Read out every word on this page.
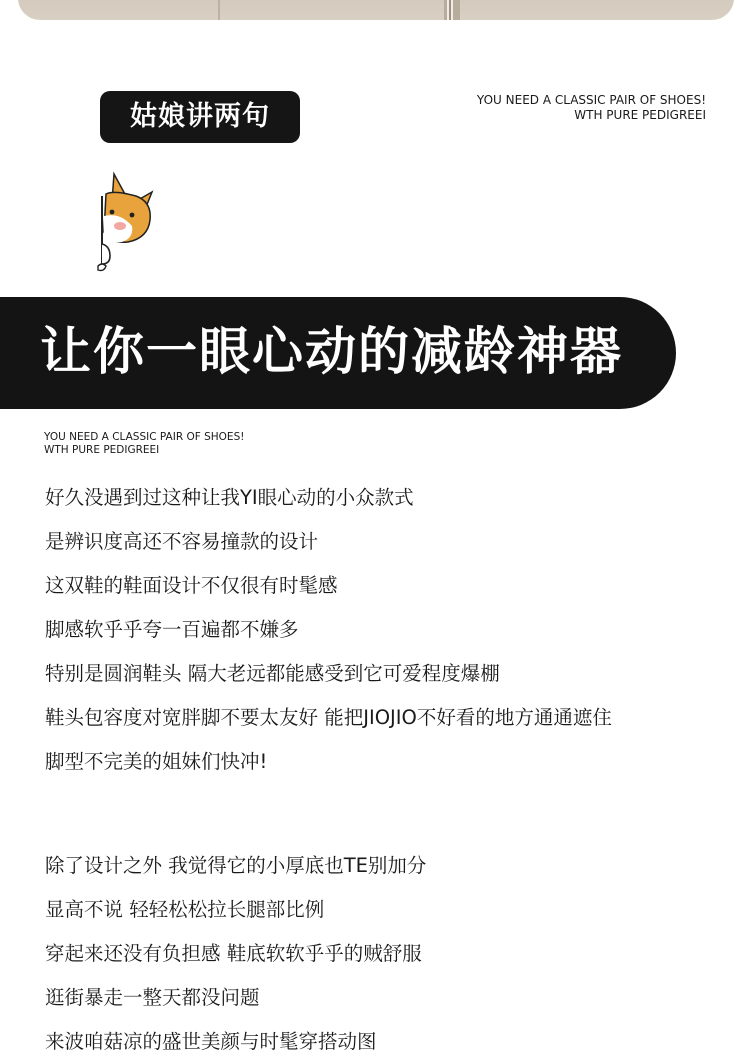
姑娘讲两句
YOU NEED A CLASSIC PAIR OF SHOES!
WTH PURE PEDIGREEI
让你一眼心动的减龄神器
YOU NEED A CLASSIC PAIR OF SHOES!
WTH PURE PEDIGREEI
好久没遇到过这种让我YI眼心动的小众款式
是辨识度高还不容易撞款的设计
这双鞋的鞋面设计不仅很有时髦感
脚感软乎乎夸一百遍都不嫌多
特别是圆润鞋头 隔大老远都能感受到它可爱程度爆棚
鞋头包容度对宽胖脚不要太友好 能把JIOJIO不好看的地方通通遮住
脚型不完美的姐妹们快冲!
除了设计之外 我觉得它的小厚底也TE别加分
显高不说 轻轻松松拉长腿部比例
穿起来还没有负担感 鞋底软软乎乎的贼舒服
逛街暴走一整天都没问题
来波咱菇凉的盛世美颜与时髦穿搭动图
